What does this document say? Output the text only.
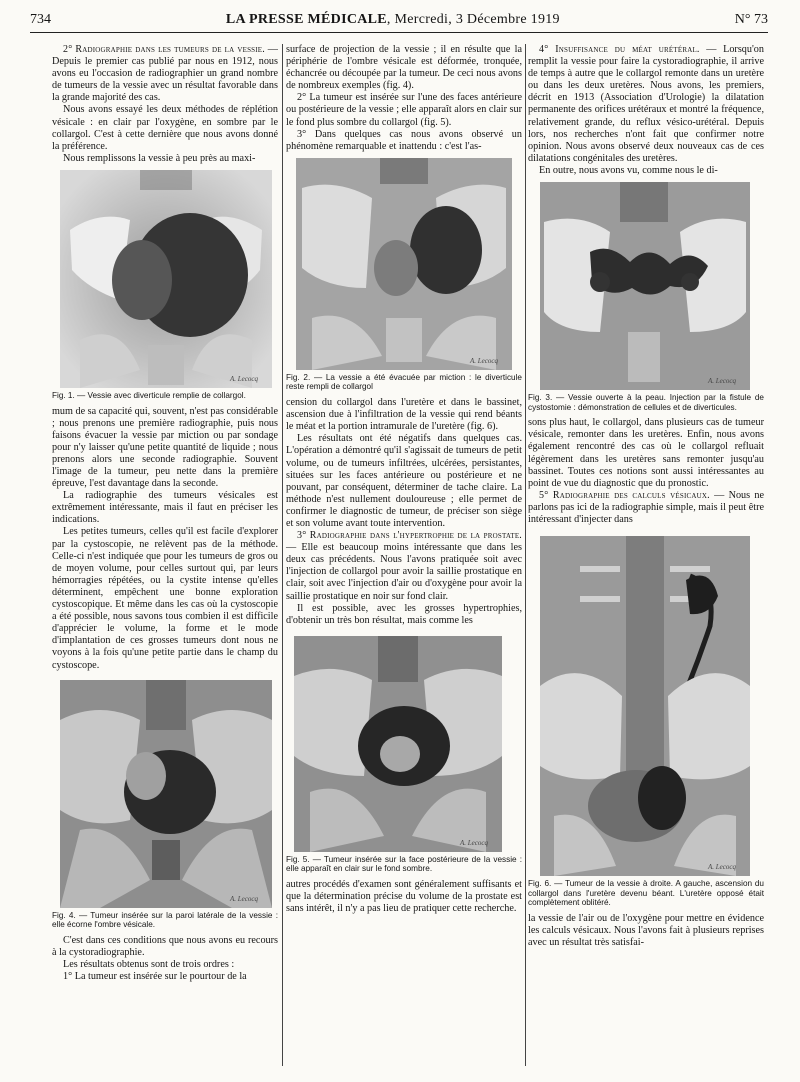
734	LA PRESSE MÉDICALE, Mercredi, 3 Décembre 1919	N° 73

2° Radiographie dans les tumeurs de la vessie. — Depuis le premier cas publié par nous en 1912, nous avons eu l'occasion de radiographier un grand nombre de tumeurs de la vessie avec un résultat favorable dans la grande majorité des cas.

Nous avons essayé les deux méthodes de réplétion vésicale : en clair par l'oxygène, en sombre par le collargol. C'est à cette dernière que nous avons donné la préférence.

Nous remplissons la vessie à peu près au maxi-

A. Lecocq

Fig. 1. — Vessie avec diverticule remplie de collargol.

mum de sa capacité qui, souvent, n'est pas considérable ; nous prenons une première radiographie, puis nous faisons évacuer la vessie par miction ou par sondage pour n'y laisser qu'une petite quantité de liquide ; nous prenons alors une seconde radiographie. Souvent l'image de la tumeur, peu nette dans la première épreuve, l'est davantage dans la seconde.

La radiographie des tumeurs vésicales est extrêmement intéressante, mais il faut en préciser les indications.

Les petites tumeurs, celles qu'il est facile d'explorer par la cystoscopie, ne relèvent pas de la méthode. Celle-ci n'est indiquée que pour les tumeurs de gros ou de moyen volume, pour celles surtout qui, par leurs hémorragies répétées, ou la cystite intense qu'elles déterminent, empêchent une bonne exploration cystoscopique. Et même dans les cas où la cystoscopie a été possible, nous savons tous combien il est difficile d'apprécier le volume, la forme et le mode d'implantation de ces grosses tumeurs dont nous ne voyons à la fois qu'une petite partie dans le champ du cystoscope.

A. Lecocq

Fig. 4. — Tumeur insérée sur la paroi latérale de la vessie : elle écorne l'ombre vésicale.

C'est dans ces conditions que nous avons eu recours à la cystoradiographie.

Les résultats obtenus sont de trois ordres :

1° La tumeur est insérée sur le pourtour de la

surface de projection de la vessie ; il en résulte que la périphérie de l'ombre vésicale est déformée, tronquée, échancrée ou découpée par la tumeur. De ceci nous avons de nombreux exemples (fig. 4).

2° La tumeur est insérée sur l'une des faces antérieure ou postérieure de la vessie ; elle apparaît alors en clair sur le fond plus sombre du collargol (fig. 5).

3° Dans quelques cas nous avons observé un phénomène remarquable et inattendu : c'est l'as-

A. Lecocq

Fig. 2. — La vessie a été évacuée par miction : le diverticule reste rempli de collargol

cension du collargol dans l'uretère et dans le bassinet, ascension due à l'infiltration de la vessie qui rend béants le méat et la portion intramurale de l'uretère (fig. 6).

Les résultats ont été négatifs dans quelques cas. L'opération a démontré qu'il s'agissait de tumeurs de petit volume, ou de tumeurs infiltrées, ulcérées, persistantes, situées sur les faces antérieure ou postérieure et ne pouvant, par conséquent, déterminer de tache claire. La méthode n'est nullement douloureuse ; elle permet de confirmer le diagnostic de tumeur, de préciser son siège et son volume avant toute intervention.

3° Radiographie dans l'hypertrophie de la prostate. — Elle est beaucoup moins intéressante que dans les deux cas précédents. Nous l'avons pratiquée soit avec l'injection de collargol pour avoir la saillie prostatique en clair, soit avec l'injection d'air ou d'oxygène pour avoir la saillie prostatique en noir sur fond clair.

Il est possible, avec les grosses hypertrophies, d'obtenir un très bon résultat, mais comme les

A. Lecocq

Fig. 5. — Tumeur insérée sur la face postérieure de la vessie : elle apparaît en clair sur le fond sombre.

autres procédés d'examen sont généralement suffisants et que la détermination précise du volume de la prostate est sans intérêt, il n'y a pas lieu de pratiquer cette recherche.

4° Insuffisance du méat urétéral. — Lorsqu'on remplit la vessie pour faire la cystoradiographie, il arrive de temps à autre que le collargol remonte dans un uretère ou dans les deux uretères. Nous avons, les premiers, décrit en 1913 (Association d'Urologie) la dilatation permanente des orifices urétéraux et montré la fréquence, relativement grande, du reflux vésico-urétéral. Depuis lors, nos recherches n'ont fait que confirmer notre opinion. Nous avons observé deux nouveaux cas de ces dilatations congénitales des uretères.

En outre, nous avons vu, comme nous le di-

A. Lecocq

Fig. 3. — Vessie ouverte à la peau. Injection par la fistule de cystostomie : démonstration de cellules et de diverticules.

sons plus haut, le collargol, dans plusieurs cas de tumeur vésicale, remonter dans les uretères. Enfin, nous avons également rencontré des cas où le collargol refluait légèrement dans les uretères sans remonter jusqu'au bassinet. Toutes ces notions sont aussi intéressantes au point de vue du diagnostic que du pronostic.

5° Radiographie des calculs vésicaux. — Nous ne parlons pas ici de la radiographie simple, mais il peut être intéressant d'injecter dans

A. Lecocq

Fig. 6. — Tumeur de la vessie à droite. A gauche, ascension du collargol dans l'uretère devenu béant. L'uretère opposé était complètement oblitéré.

la vessie de l'air ou de l'oxygène pour mettre en évidence les calculs vésicaux. Nous l'avons fait à plusieurs reprises avec un résultat très satisfai-
